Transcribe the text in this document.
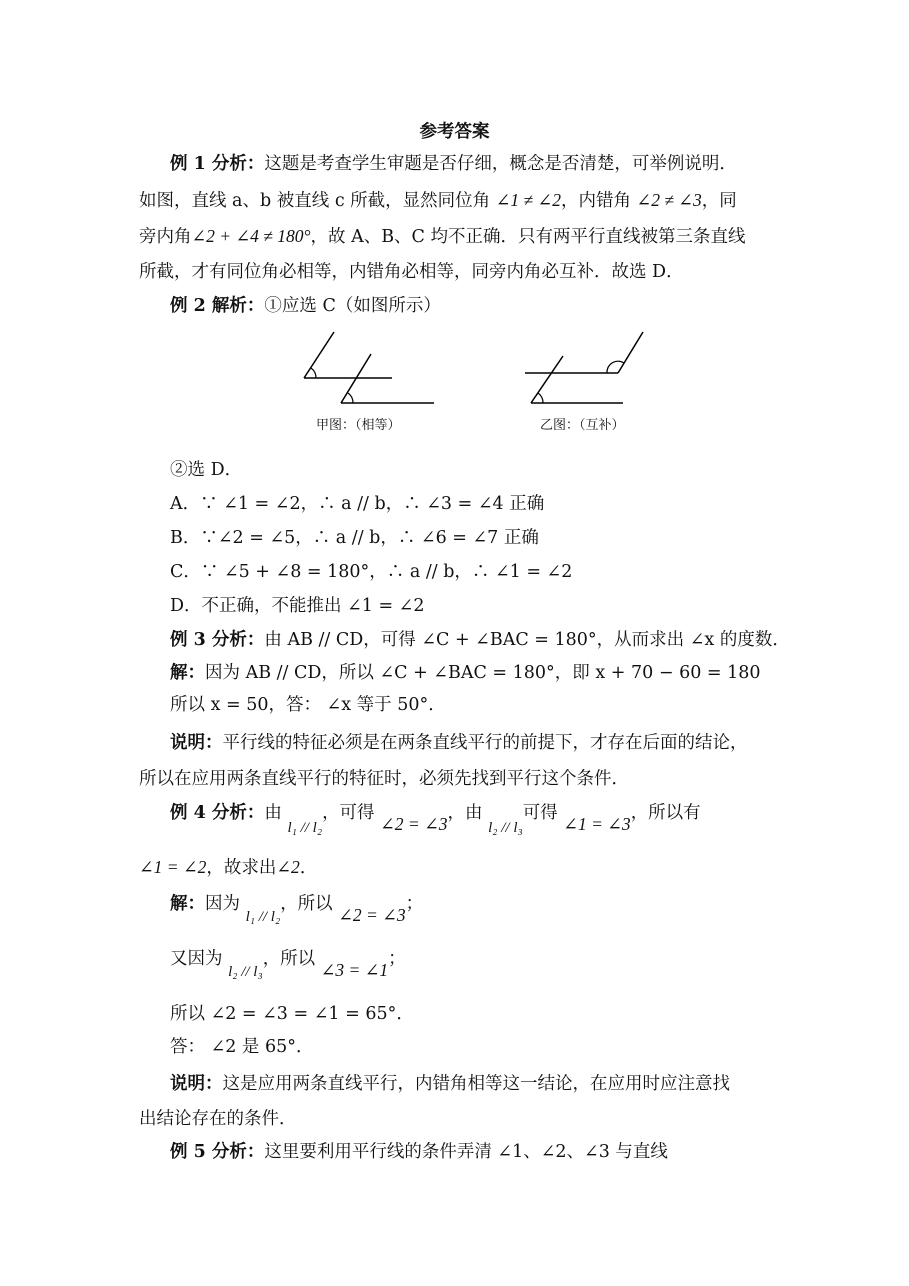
参考答案
例 1 分析：这题是考查学生审题是否仔细，概念是否清楚，可举例说明．
如图，直线 a、b 被直线 c 所截，显然同位角 ∠1 ≠ ∠2，内错角 ∠2 ≠ ∠3，同
旁内角∠2 + ∠4 ≠ 180°，故 A、B、C 均不正确．只有两平行直线被第三条直线
所截，才有同位角必相等，内错角必相等，同旁内角必互补．故选 D．
例 2 解析：①应选 C（如图所示）
甲图：（相等）	乙图：（互补）
②选 D．
A．∵ ∠1 = ∠2，∴ a // b，∴ ∠3 = ∠4 正确
B．∵∠2 = ∠5，∴ a // b，∴ ∠6 = ∠7 正确
C．∵ ∠5 + ∠8 = 180°，∴ a // b，∴ ∠1 = ∠2
D．不正确，不能推出 ∠1 = ∠2
例 3 分析：由 AB // CD，可得 ∠C + ∠BAC = 180°，从而求出 ∠x 的度数．
解：因为 AB // CD，所以 ∠C + ∠BAC = 180°，即 x + 70 − 60 = 180
所以 x = 50，答： ∠x 等于 50°．
说明：平行线的特征必须是在两条直线平行的前提下，才存在后面的结论，
所以在应用两条直线平行的特征时，必须先找到平行这个条件．
例 4 分析：由 l₁ // l₂，可得 ∠2 = ∠3，由 l₂ // l₃可得 ∠1 = ∠3，所以有
∠1 = ∠2，故求出∠2．
解：因为 l₁ // l₂，所以 ∠2 = ∠3；
又因为 l₂ // l₃，所以 ∠3 = ∠1；
所以 ∠2 = ∠3 = ∠1 = 65°．
答： ∠2 是 65°．
说明：这是应用两条直线平行，内错角相等这一结论，在应用时应注意找
出结论存在的条件．
例 5 分析：这里要利用平行线的条件弄清 ∠1、∠2、∠3 与直线
